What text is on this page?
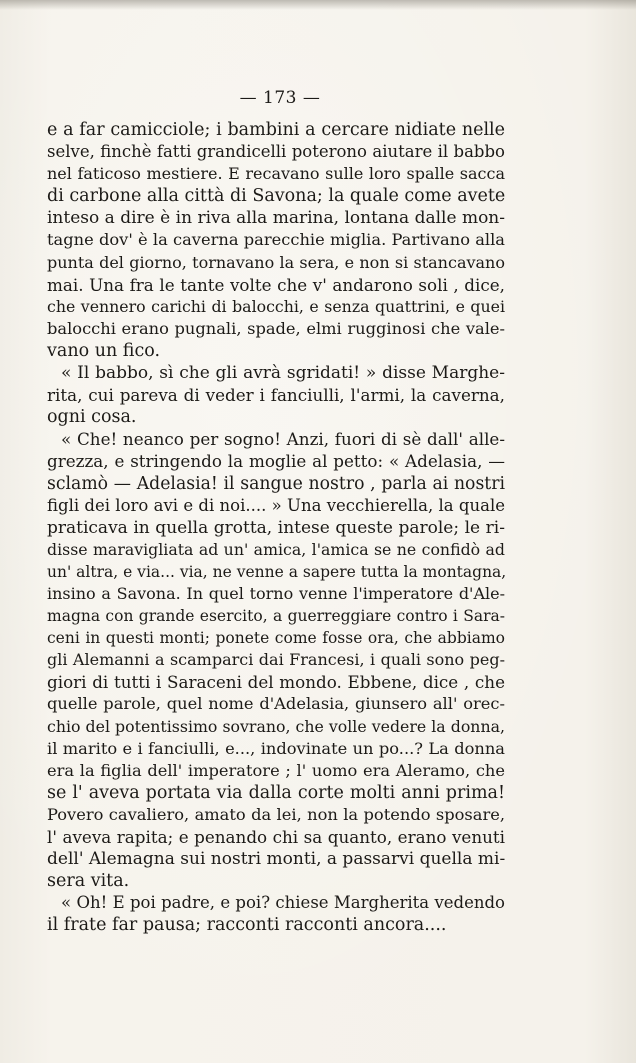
— 173 —
e a far camicciole; i bambini a cercare nidiate nelle
selve, finchè fatti grandicelli poterono aiutare il babbo
nel faticoso mestiere. E recavano sulle loro spalle sacca
di carbone alla città di Savona; la quale come avete
inteso a dire è in riva alla marina, lontana dalle mon-
tagne dov' è la caverna parecchie miglia. Partivano alla
punta del giorno, tornavano la sera, e non si stancavano
mai. Una fra le tante volte che v' andarono soli , dice,
che vennero carichi di balocchi, e senza quattrini, e quei
balocchi erano pugnali, spade, elmi rugginosi che vale-
vano un fico.
« Il babbo, sì che gli avrà sgridati! » disse Marghe-
rita, cui pareva di veder i fanciulli, l'armi, la caverna,
ogni cosa.
« Che! neanco per sogno! Anzi, fuori di sè dall' alle-
grezza, e stringendo la moglie al petto: « Adelasia, —
sclamò — Adelasia! il sangue nostro , parla ai nostri
figli dei loro avi e di noi.... » Una vecchierella, la quale
praticava in quella grotta, intese queste parole; le ri-
disse maravigliata ad un' amica, l'amica se ne confidò ad
un' altra, e via... via, ne venne a sapere tutta la montagna,
insino a Savona. In quel torno venne l'imperatore d'Ale-
magna con grande esercito, a guerreggiare contro i Sara-
ceni in questi monti; ponete come fosse ora, che abbiamo
gli Alemanni a scamparci dai Francesi, i quali sono peg-
giori di tutti i Saraceni del mondo. Ebbene, dice , che
quelle parole, quel nome d'Adelasia, giunsero all' orec-
chio del potentissimo sovrano, che volle vedere la donna,
il marito e i fanciulli, e..., indovinate un po...? La donna
era la figlia dell' imperatore ; l' uomo era Aleramo, che
se l' aveva portata via dalla corte molti anni prima!
Povero cavaliero, amato da lei, non la potendo sposare,
l' aveva rapita; e penando chi sa quanto, erano venuti
dell' Alemagna sui nostri monti, a passarvi quella mi-
sera vita.
« Oh! E poi padre, e poi? chiese Margherita vedendo
il frate far pausa; racconti racconti ancora....
